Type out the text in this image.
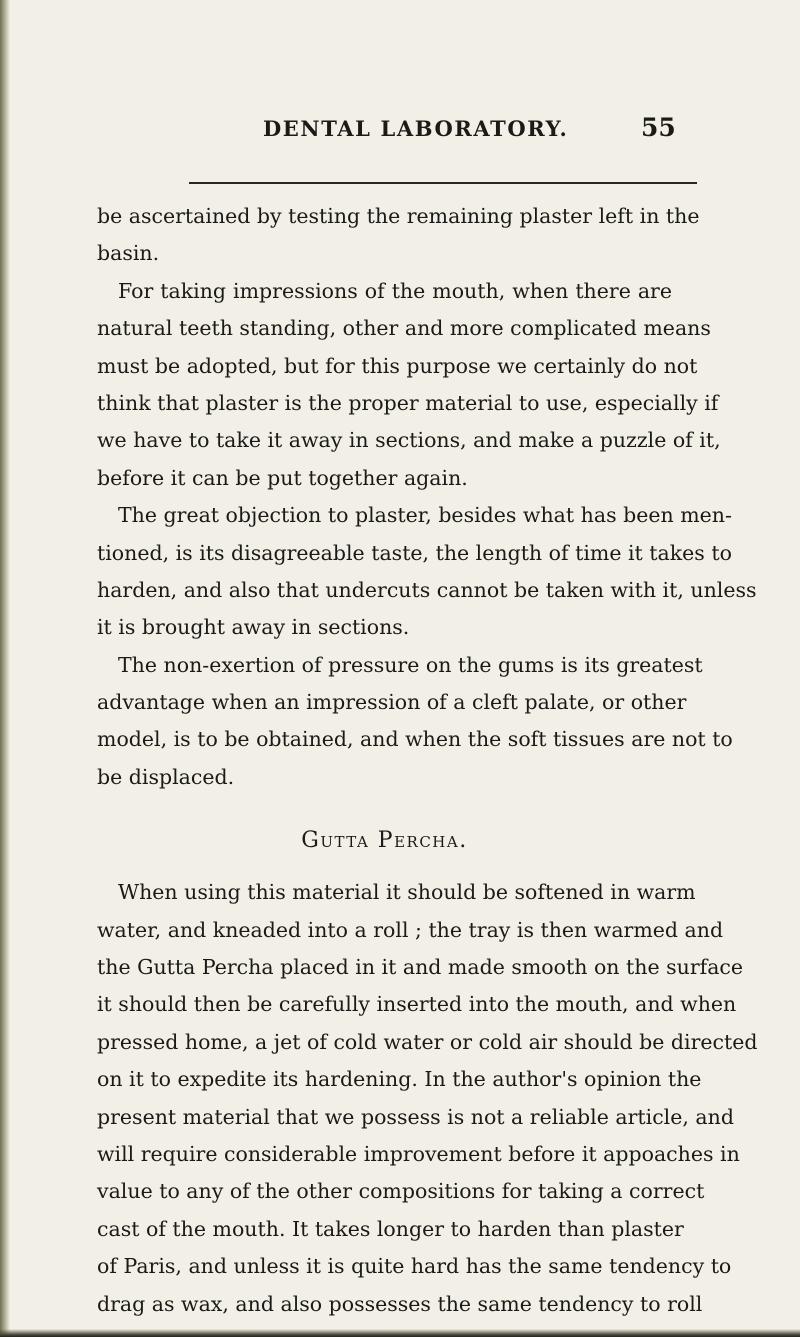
DENTAL LABORATORY.	55
be ascertained by testing the remaining plaster left in the
basin.
For taking impressions of the mouth, when there are
natural teeth standing, other and more complicated means
must be adopted, but for this purpose we certainly do not
think that plaster is the proper material to use, especially if
we have to take it away in sections, and make a puzzle of it,
before it can be put together again.
The great objection to plaster, besides what has been men-
tioned, is its disagreeable taste, the length of time it takes to
harden, and also that undercuts cannot be taken with it, unless
it is brought away in sections.
The non-exertion of pressure on the gums is its greatest
advantage when an impression of a cleft palate, or other
model, is to be obtained, and when the soft tissues are not to
be displaced.
Gutta Percha.
When using this material it should be softened in warm
water, and kneaded into a roll ; the tray is then warmed and
the Gutta Percha placed in it and made smooth on the surface
it should then be carefully inserted into the mouth, and when
pressed home, a jet of cold water or cold air should be directed
on it to expedite its hardening. In the author's opinion the
present material that we possess is not a reliable article, and
will require considerable improvement before it appoaches in
value to any of the other compositions for taking a correct
cast of the mouth. It takes longer to harden than plaster
of Paris, and unless it is quite hard has the same tendency to
drag as wax, and also possesses the same tendency to roll
